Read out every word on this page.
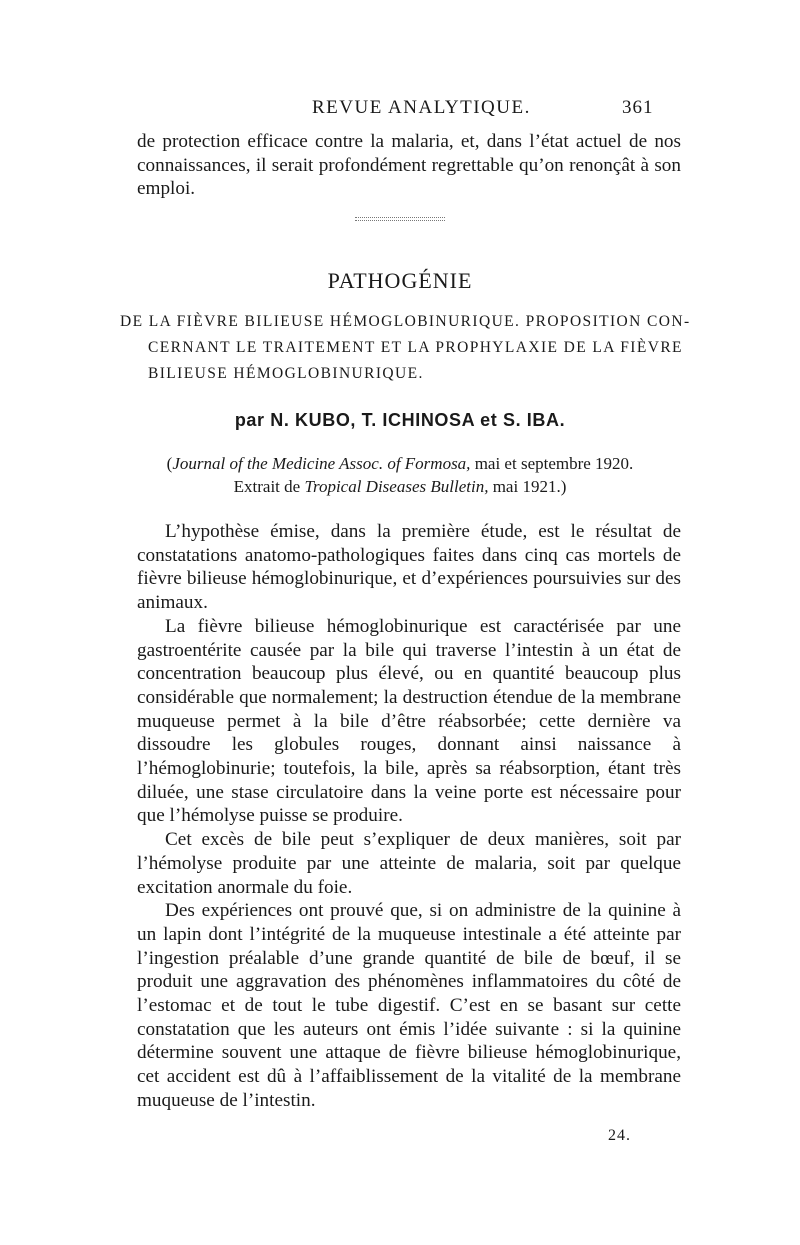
REVUE ANALYTIQUE.	361

de protection efficace contre la malaria, et, dans l’état actuel de nos connaissances, il serait profondément regrettable qu’on renonçât à son emploi.

PATHOGÉNIE

DE LA FIÈVRE BILIEUSE HÉMOGLOBINURIQUE. PROPOSITION CON-
CERNANT LE TRAITEMENT ET LA PROPHYLAXIE DE LA FIÈVRE
BILIEUSE HÉMOGLOBINURIQUE.

par N. KUBO, T. ICHINOSA et S. IBA.
(Journal of the Medicine Assoc. of Formosa, mai et septembre 1920.
Extrait de Tropical Diseases Bulletin, mai 1921.)

L’hypothèse émise, dans la première étude, est le résultat de constatations anatomo-pathologiques faites dans cinq cas mortels de fièvre bilieuse hémoglobinurique, et d’expériences poursuivies sur des animaux.

La fièvre bilieuse hémoglobinurique est caractérisée par une gastroentérite causée par la bile qui traverse l’intestin à un état de concentration beaucoup plus élevé, ou en quantité beaucoup plus considérable que normalement; la destruction étendue de la membrane muqueuse permet à la bile d’être réabsorbée; cette dernière va dissoudre les globules rouges, donnant ainsi naissance à l’hémoglobinurie; toutefois, la bile, après sa réabsorption, étant très diluée, une stase circulatoire dans la veine porte est nécessaire pour que l’hémolyse puisse se produire.

Cet excès de bile peut s’expliquer de deux manières, soit par l’hémolyse produite par une atteinte de malaria, soit par quelque excitation anormale du foie.

Des expériences ont prouvé que, si on administre de la quinine à un lapin dont l’intégrité de la muqueuse intestinale a été atteinte par l’ingestion préalable d’une grande quantité de bile de bœuf, il se produit une aggravation des phénomènes inflammatoires du côté de l’estomac et de tout le tube digestif. C’est en se basant sur cette constatation que les auteurs ont émis l’idée suivante : si la quinine détermine souvent une attaque de fièvre bilieuse hémoglobinurique, cet accident est dû à l’affaiblissement de la vitalité de la membrane muqueuse de l’intestin.

24.
